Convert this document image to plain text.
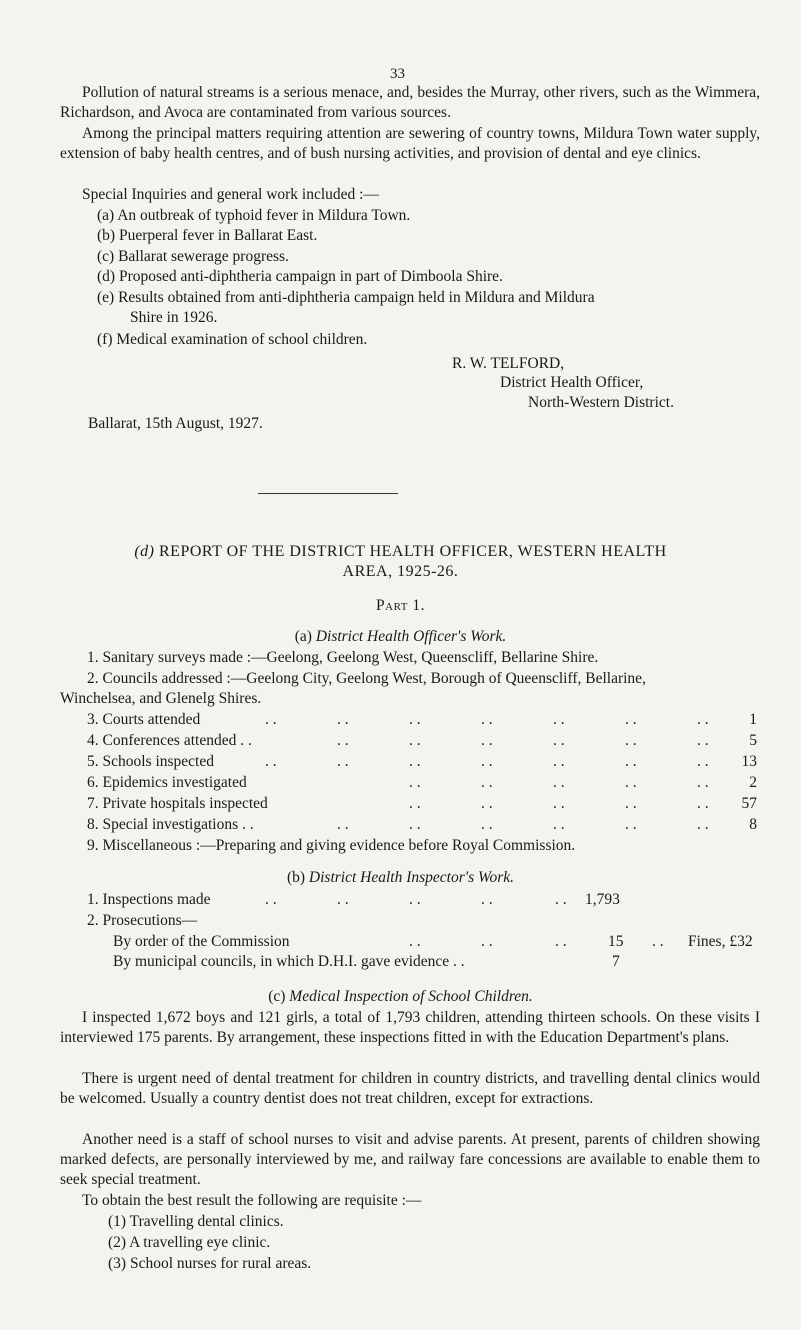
33

Pollution of natural streams is a serious menace, and, besides the Murray, other rivers, such as the Wimmera, Richardson, and Avoca are contaminated from various sources.

Among the principal matters requiring attention are sewering of country towns, Mildura Town water supply, extension of baby health centres, and of bush nursing activities, and provision of dental and eye clinics.

Special Inquiries and general work included :—

(a) An outbreak of typhoid fever in Mildura Town.
(b) Puerperal fever in Ballarat East.
(c) Ballarat sewerage progress.
(d) Proposed anti-diphtheria campaign in part of Dimboola Shire.
(e) Results obtained from anti-diphtheria campaign held in Mildura and Mildura
Shire in 1926.
(f) Medical examination of school children.
R. W. TELFORD,
District Health Officer,
North-Western District.
Ballarat, 15th August, 1927.
(d) REPORT OF THE DISTRICT HEALTH OFFICER, WESTERN HEALTH
AREA, 1925-26.
Part 1.
(a) District Health Officer's Work.
1. Sanitary surveys made :—Geelong, Geelong West, Queenscliff, Bellarine Shire.
2. Councils addressed :—Geelong City, Geelong West, Borough of Queenscliff, Bellarine,
Winchelsea, and Glenelg Shires.
3. Courts attended	. .	. .	. .	. .	. .	. .	. .	1
4. Conferences attended . .	. .	. .	. .	. .	. .	. .	5
5. Schools inspected	. .	. .	. .	. .	. .	. .	. . 13
6. Epidemics investigated	. .	. .	. .	. .	. .	2
7. Private hospitals inspected	. .	. .	. .	. .	. . 57
8. Special investigations . .	. .	. .	. .	. .	. .	. .	8
9. Miscellaneous :—Preparing and giving evidence before Royal Commission.
(b) District Health Inspector's Work.
1. Inspections made	. .	. .	. .	. .	. . 1,793
2. Prosecutions—
By order of the Commission	. .	. .	. .	15 . . Fines, £32
By municipal councils, in which D.H.I. gave evidence . .	7
(c) Medical Inspection of School Children.

I inspected 1,672 boys and 121 girls, a total of 1,793 children, attending thirteen schools. On these visits I interviewed 175 parents. By arrangement, these inspections fitted in with the Education Department's plans.

There is urgent need of dental treatment for children in country districts, and travelling dental clinics would be welcomed. Usually a country dentist does not treat children, except for extractions.

Another need is a staff of school nurses to visit and advise parents. At present, parents of children showing marked defects, are personally interviewed by me, and railway fare concessions are available to enable them to seek special treatment.

To obtain the best result the following are requisite :—

(1) Travelling dental clinics.
(2) A travelling eye clinic.
(3) School nurses for rural areas.
